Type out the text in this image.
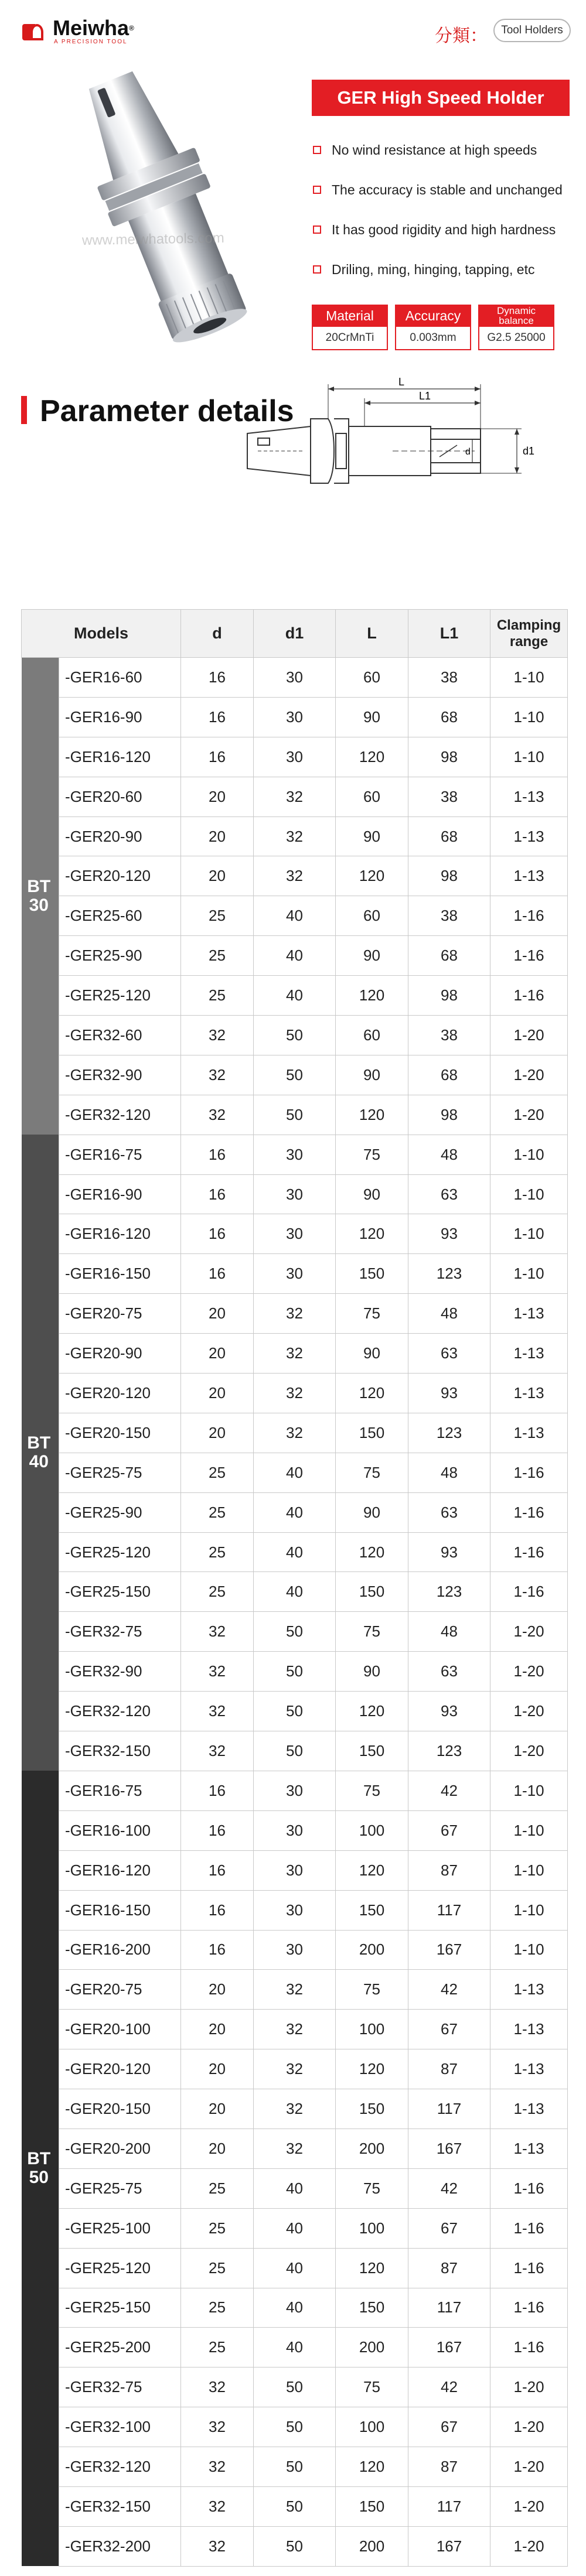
Meiwha®
A PRECISION TOOL	分類：	Tool Holders
www.meiwhatools.com
GER High Speed Holder
No wind resistance at high speeds
The accuracy is stable and unchanged
It has good rigidity and high hardness
Driling, ming, hinging, tapping, etc
Material
20CrMnTi
Accuracy
0.003mm
Dynamic balance
G2.5 25000
Parameter details
L
L1
d	d1
Models		d	d1	L	L1	Clamping range

BT
30	-GER16-60	16	30	60	38	1-10
	-GER16-90	16	30	90	68	1-10
	-GER16-120	16	30	120	98	1-10
	-GER20-60	20	32	60	38	1-13
	-GER20-90	20	32	90	68	1-13
	-GER20-120	20	32	120	98	1-13
	-GER25-60	25	40	60	38	1-16
	-GER25-90	25	40	90	68	1-16
	-GER25-120	25	40	120	98	1-16
	-GER32-60	32	50	60	38	1-20
	-GER32-90	32	50	90	68	1-20
	-GER32-120	32	50	120	98	1-20

BT
40	-GER16-75	16	30	75	48	1-10
	-GER16-90	16	30	90	63	1-10
	-GER16-120	16	30	120	93	1-10
	-GER16-150	16	30	150	123	1-10
	-GER20-75	20	32	75	48	1-13
	-GER20-90	20	32	90	63	1-13
	-GER20-120	20	32	120	93	1-13
	-GER20-150	20	32	150	123	1-13
	-GER25-75	25	40	75	48	1-16
	-GER25-90	25	40	90	63	1-16
	-GER25-120	25	40	120	93	1-16
	-GER25-150	25	40	150	123	1-16
	-GER32-75	32	50	75	48	1-20
	-GER32-90	32	50	90	63	1-20
	-GER32-120	32	50	120	93	1-20
	-GER32-150	32	50	150	123	1-20

BT
50	-GER16-75	16	30	75	42	1-10
	-GER16-100	16	30	100	67	1-10
	-GER16-120	16	30	120	87	1-10
	-GER16-150	16	30	150	117	1-10
	-GER16-200	16	30	200	167	1-10
	-GER20-75	20	32	75	42	1-13
	-GER20-100	20	32	100	67	1-13
	-GER20-120	20	32	120	87	1-13
	-GER20-150	20	32	150	117	1-13
	-GER20-200	20	32	200	167	1-13
	-GER25-75	25	40	75	42	1-16
	-GER25-100	25	40	100	67	1-16
	-GER25-120	25	40	120	87	1-16
	-GER25-150	25	40	150	117	1-16
	-GER25-200	25	40	200	167	1-16
	-GER32-75	32	50	75	42	1-20
	-GER32-100	32	50	100	67	1-20
	-GER32-120	32	50	120	87	1-20
	-GER32-150	32	50	150	117	1-20
	-GER32-200	32	50	200	167	1-20
